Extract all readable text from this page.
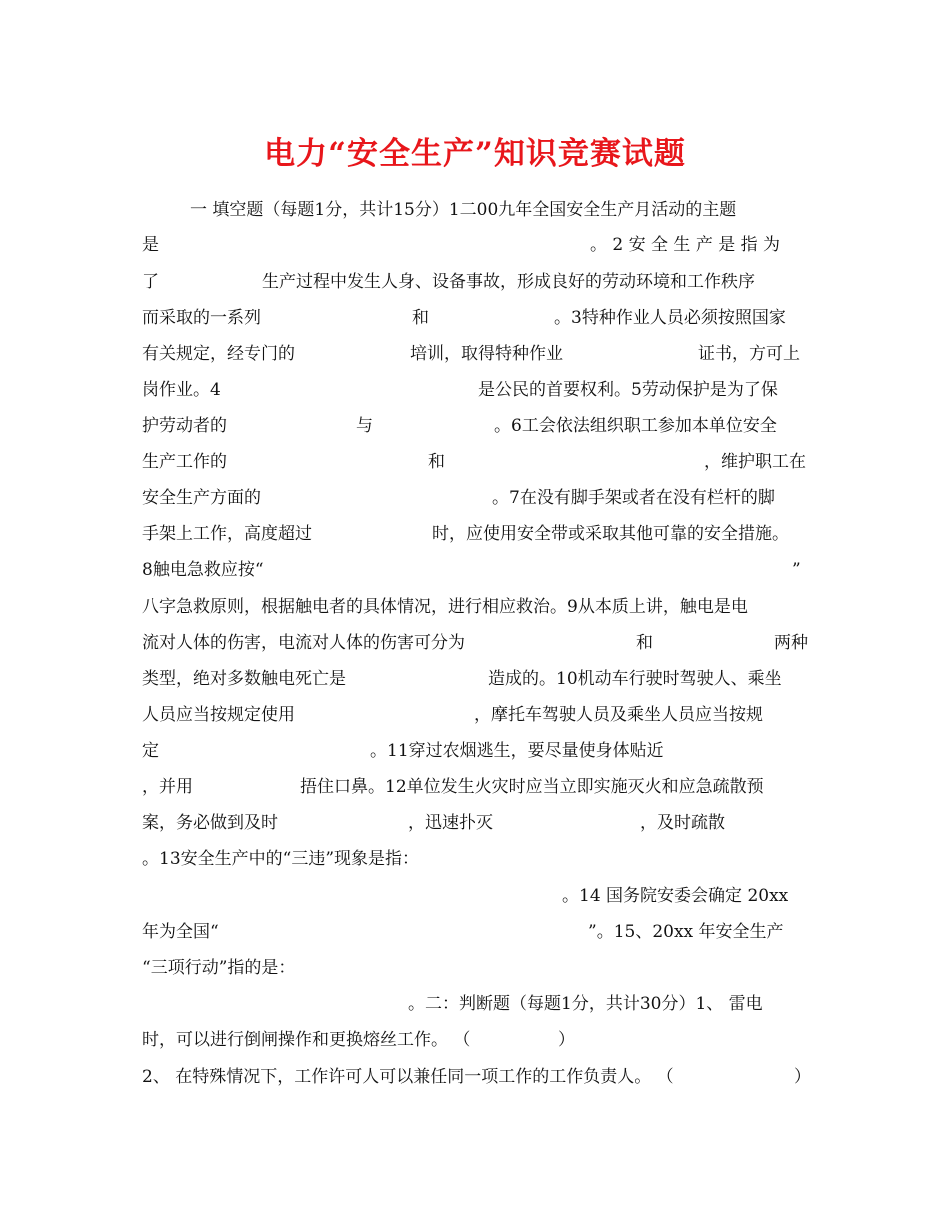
电力“安全生产”知识竞赛试题
一 填空题（每题1分，共计15分）1二00九年全国安全生产月活动的主题
是	。 2 安 全 生 产 是 指 为
了	生产过程中发生人身、设备事故，形成良好的劳动环境和工作秩序
而采取的一系列	和	。3特种作业人员必须按照国家
有关规定，经专门的	培训，取得特种作业	证书，方可上
岗作业。4	是公民的首要权利。5劳动保护是为了保
护劳动者的	与	。6工会依法组织职工参加本单位安全
生产工作的	和	，维护职工在
安全生产方面的	。7在没有脚手架或者在没有栏杆的脚
手架上工作，高度超过	时，应使用安全带或采取其他可靠的安全措施。
8触电急救应按“	”
八字急救原则，根据触电者的具体情况，进行相应救治。9从本质上讲，触电是电
流对人体的伤害，电流对人体的伤害可分为	和	两种
类型，绝对多数触电死亡是	造成的。10机动车行驶时驾驶人、乘坐
人员应当按规定使用	，摩托车驾驶人员及乘坐人员应当按规
定	。11穿过农烟逃生，要尽量使身体贴近
，并用	捂住口鼻。12单位发生火灾时应当立即实施灭火和应急疏散预
案，务必做到及时	，迅速扑灭	，及时疏散
。13安全生产中的“三违”现象是指：
。14 国务院安委会确定 20xx
年为全国“	”。15、20xx 年安全生产
“三项行动”指的是：
。二：判断题（每题1分，共计30分）1、 雷电
时，可以进行倒闸操作和更换熔丝工作。 （	）
2、 在特殊情况下，工作许可人可以兼任同一项工作的工作负责人。 （	）
